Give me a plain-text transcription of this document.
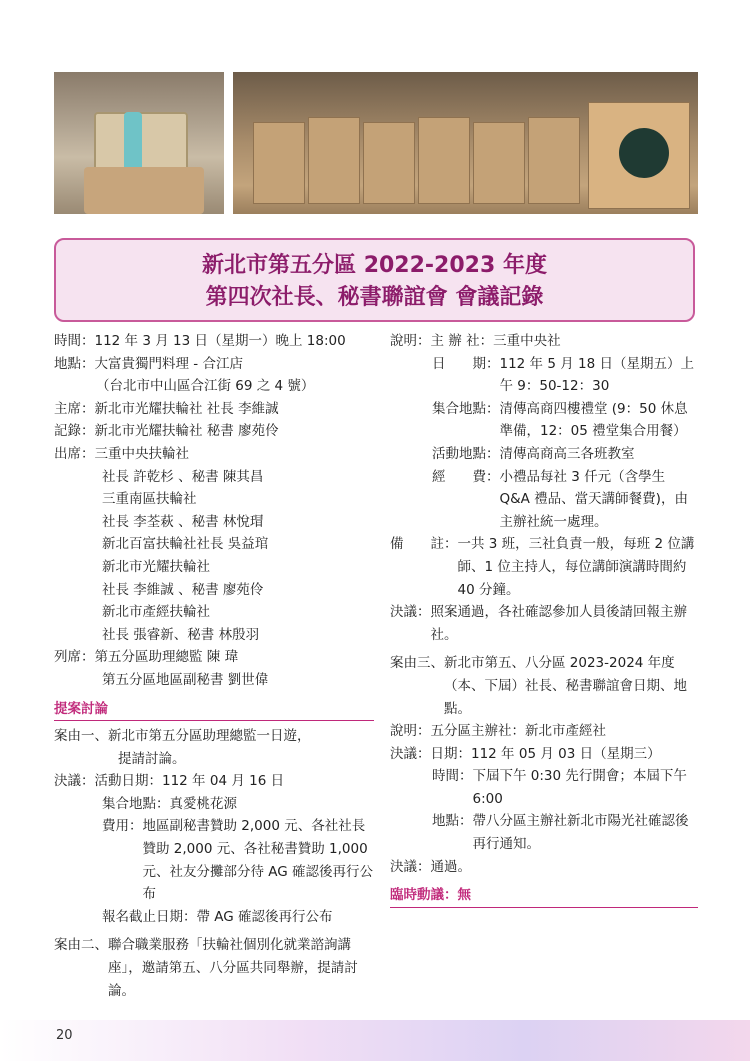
新北市第五分區 2022-2023 年度
第四次社長、秘書聯誼會 會議記錄
時間： 112 年 3 月 13 日（星期一）晚上 18:00
地點： 大富貴獨門料理 - 合江店
（台北市中山區合江街 69 之 4 號）
主席： 新北市光耀扶輪社 社長 李維誠
記錄： 新北市光耀扶輪社 秘書 廖苑伶
出席： 三重中央扶輪社
社長 許乾杉 、秘書 陳其昌
三重南區扶輪社
社長 李荃萩 、秘書 林悅瑁
新北百富扶輪社社長 吳益琯
新北市光耀扶輪社
社長 李維誠 、秘書 廖苑伶
新北市產經扶輪社
社長 張睿新、秘書 林殷羽
列席： 第五分區助理總監 陳 瑋
第五分區地區副秘書 劉世偉
提案討論
案由一、 新北市第五分區助理總監一日遊，
提請討論。
決議： 活動日期：112 年 04 月 16 日
集合地點：真愛桃花源
費用： 地區副秘書贊助 2,000 元、各社社長贊助 2,000 元、各社秘書贊助 1,000 元、社友分攤部分待 AG 確認後再行公布
報名截止日期：帶 AG 確認後再行公布
案由二、 聯合職業服務「扶輪社個別化就業諮詢講座」，邀請第五、八分區共同舉辦，提請討論。
說明： 主 辦 社： 三重中央社
日　　期： 112 年 5 月 18 日（星期五）上午 9：50-12：30
集合地點： 清傳高商四樓禮堂 (9：50 休息準備，12：05 禮堂集合用餐）
活動地點： 清傳高商高三各班教室
經　　費： 小禮品每社 3 仟元（含學生 Q&A 禮品、當天講師餐費)，由主辦社統一處理。
備　　註： 一共 3 班，三社負責一般，每班 2 位講師、1 位主持人，每位講師演講時間約 40 分鐘。
決議： 照案通過，各社確認參加人員後請回報主辦社。
案由三、 新北市第五、八分區 2023-2024 年度（本、下屆）社長、秘書聯誼會日期、地點。
說明： 五分區主辦社：新北市產經社
決議： 日期：112 年 05 月 03 日（星期三）
時間： 下屆下午 0:30 先行開會；本屆下午 6:00
地點： 帶八分區主辦社新北市陽光社確認後再行通知。
決議： 通過。
臨時動議：無
20
